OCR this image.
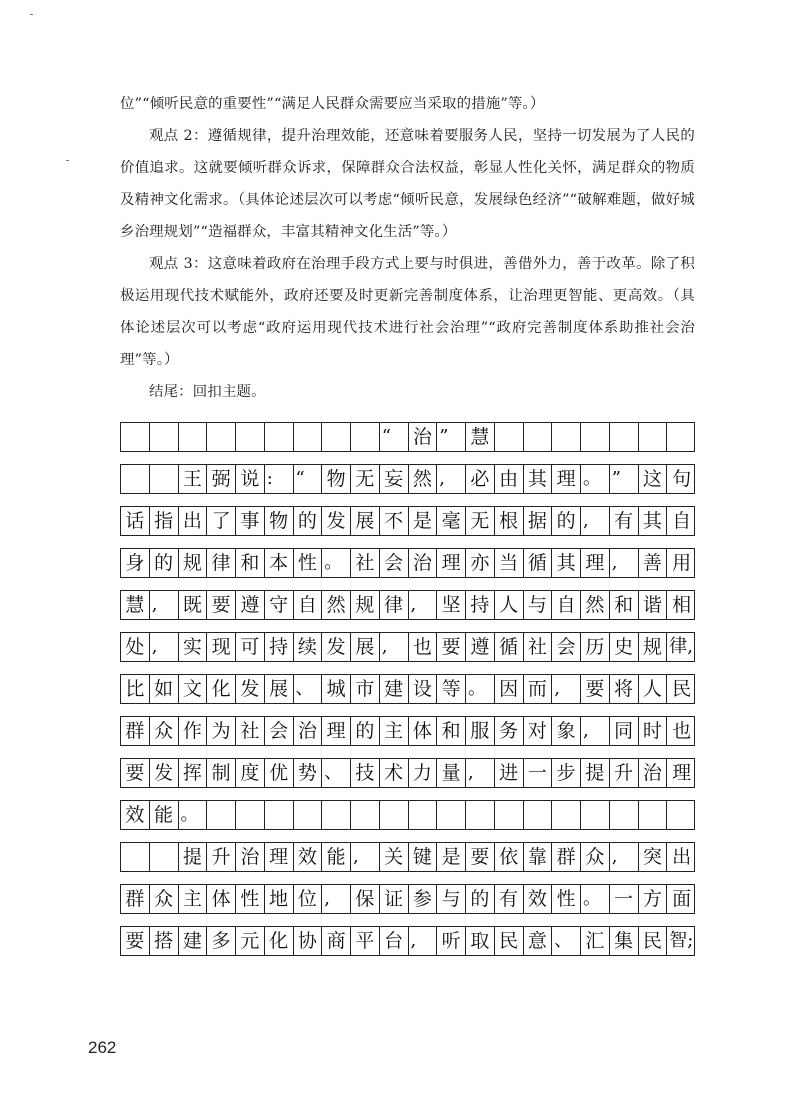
位”“倾听民意的重要性”“满足人民群众需要应当采取的措施”等。）

观点 2：遵循规律，提升治理效能，还意味着要服务人民，坚持一切发展为了人民的价值追求。这就要倾听群众诉求，保障群众合法权益，彰显人性化关怀，满足群众的物质及精神文化需求。（具体论述层次可以考虑“倾听民意，发展绿色经济”“破解难题，做好城乡治理规划”“造福群众，丰富其精神文化生活”等。）

观点 3：这意味着政府在治理手段方式上要与时俱进，善借外力，善于改革。除了积极运用现代技术赋能外，政府还要及时更新完善制度体系，让治理更智能、更高效。（具体论述层次可以考虑“政府运用现代技术进行社会治理”“政府完善制度体系助推社会治理”等。）

结尾：回扣主题。

“	治 ”	慧
王 弼 说 :	“	物 无 妄 然 ,	必 由 其 理 。 ”	这 句
话 指 出 了 事 物 的 发 展 不 是 毫 无 根 据 的 ,	有 其 自
身 的 规 律 和 本 性 。 社 会 治 理 亦 当 循 其 理 ,	善 用
慧 ,	既 要 遵 守 自 然 规 律 ,	坚 持 人 与 自 然 和 谐 相
处 ,	实 现 可 持 续 发 展 ,	也 要 遵 循 社 会 历 史 规 律,
比 如 文 化 发 展 、 城 市 建 设 等 。 因 而 ,	要 将 人 民
群 众 作 为 社 会 治 理 的 主 体 和 服 务 对 象 ,	同 时 也
要 发 挥 制 度 优 势 、 技 术 力 量 ,	进 一 步 提 升 治 理
效 能 。
提 升 治 理 效 能 ,	关 键 是 要 依 靠 群 众 ,	突 出
群 众 主 体 性 地 位 ,	保 证 参 与 的 有 效 性 。 一 方 面
要 搭 建 多 元 化 协 商 平 台 ,	听 取 民 意 、 汇 集 民 智;
262
